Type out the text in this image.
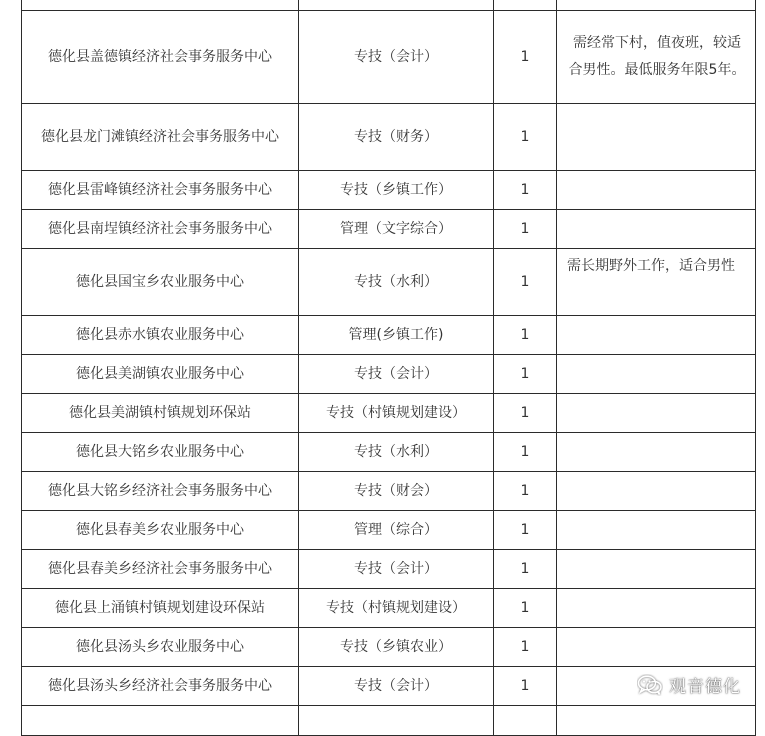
德化县盖德镇经济社会事务服务中心	专技（会计）	1	需经常下村，值夜班，较适合男性。最低服务年限5年。
德化县龙门滩镇经济社会事务服务中心	专技（财务）	1	
德化县雷峰镇经济社会事务服务中心	专技（乡镇工作）	1	
德化县南埕镇经济社会事务服务中心	管理（文字综合）	1	
德化县国宝乡农业服务中心	专技（水利）	1	需长期野外工作，适合男性
德化县赤水镇农业服务中心	管理(乡镇工作)	1	
德化县美湖镇农业服务中心	专技（会计）	1	
德化县美湖镇村镇规划环保站	专技（村镇规划建设）	1	
德化县大铭乡农业服务中心	专技（水利）	1	
德化县大铭乡经济社会事务服务中心	专技（财会）	1	
德化县春美乡农业服务中心	管理（综合）	1	
德化县春美乡经济社会事务服务中心	专技（会计）	1	
德化县上涌镇村镇规划建设环保站	专技（村镇规划建设）	1	
德化县汤头乡农业服务中心	专技（乡镇农业）	1	
德化县汤头乡经济社会事务服务中心	专技（会计）	1	
				观音德化
